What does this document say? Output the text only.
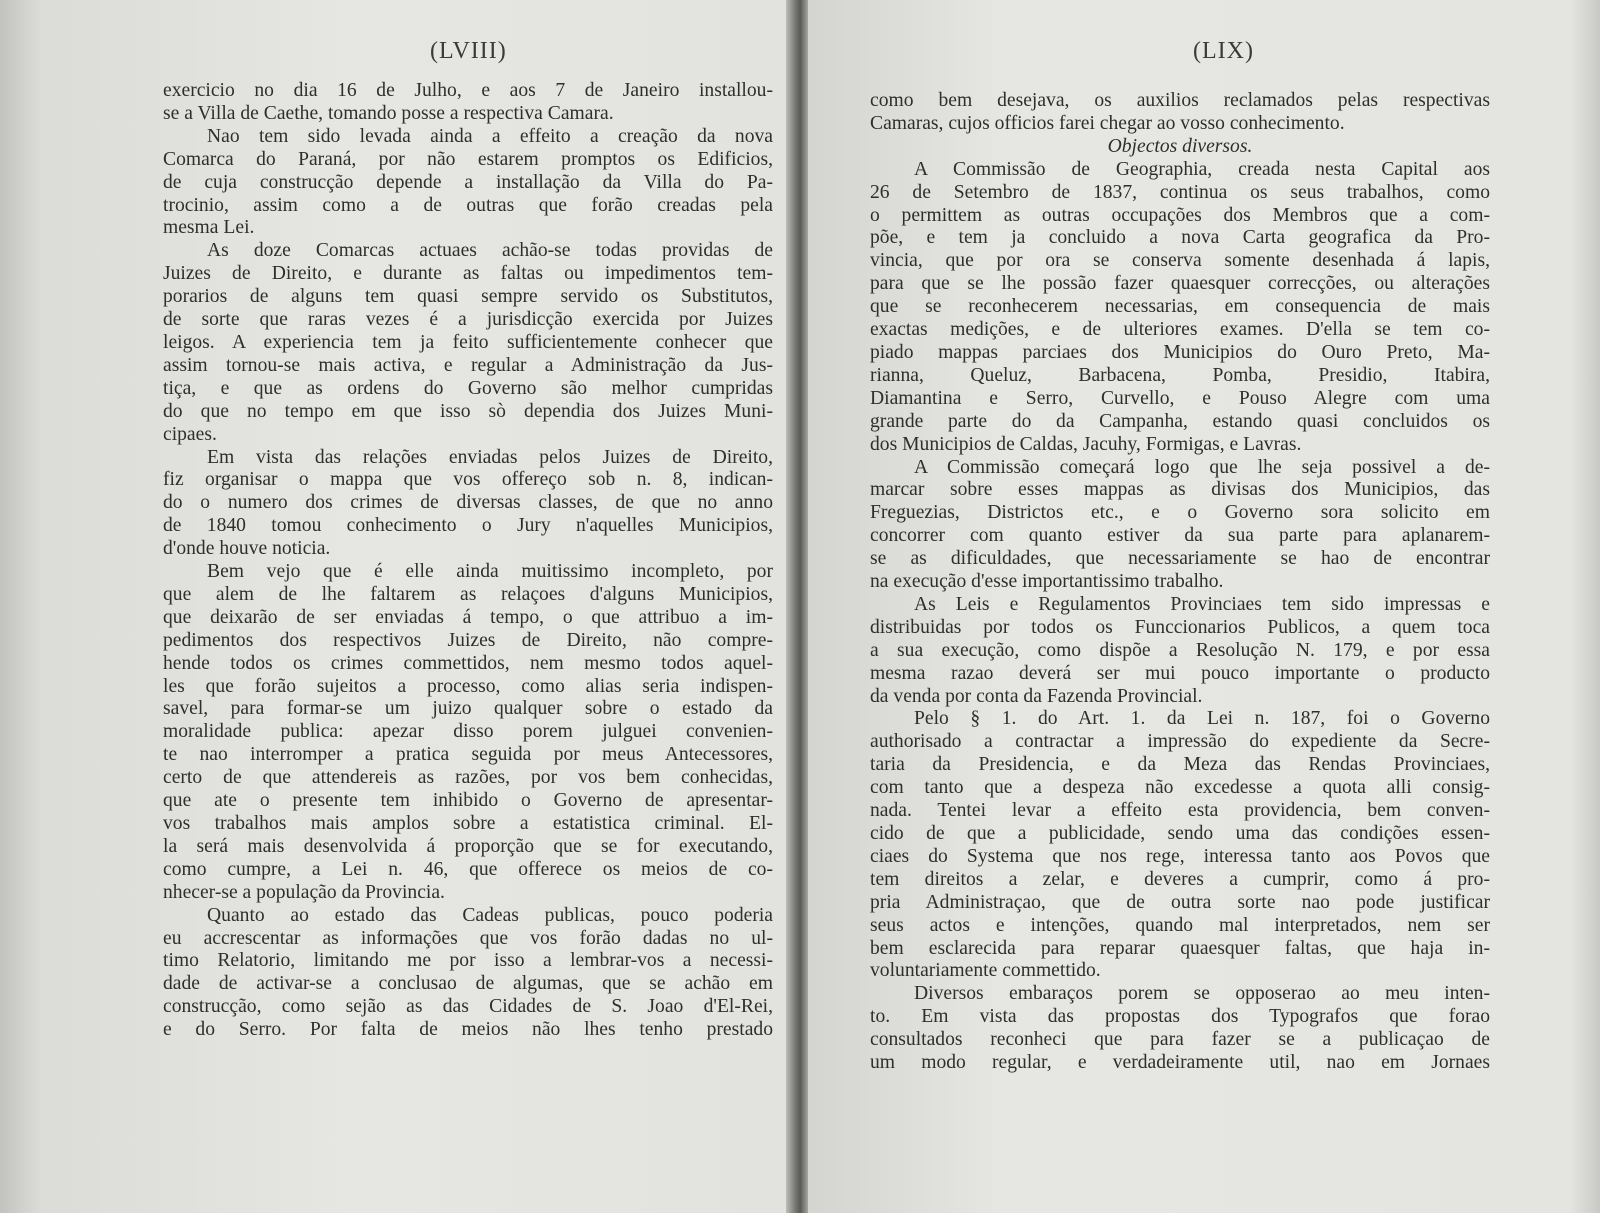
(LVIII)
exercicio no dia 16 de Julho, e aos 7 de Janeiro installou-
se a Villa de Caethe, tomando posse a respectiva Camara.
Nao tem sido levada ainda a effeito a creação da nova
Comarca do Paraná, por não estarem promptos os Edificios,
de cuja construcção depende a installação da Villa do Pa-
trocinio, assim como a de outras que forão creadas pela
mesma Lei.
As doze Comarcas actuaes achão-se todas providas de
Juizes de Direito, e durante as faltas ou impedimentos tem-
porarios de alguns tem quasi sempre servido os Substitutos,
de sorte que raras vezes é a jurisdicção exercida por Juizes
leigos. A experiencia tem ja feito sufficientemente conhecer que
assim tornou-se mais activa, e regular a Administração da Jus-
tiça, e que as ordens do Governo são melhor cumpridas
do que no tempo em que isso sò dependia dos Juizes Muni-
cipaes.
Em vista das relações enviadas pelos Juizes de Direito,
fiz organisar o mappa que vos offereço sob n. 8, indican-
do o numero dos crimes de diversas classes, de que no anno
de 1840 tomou conhecimento o Jury n'aquelles Municipios,
d'onde houve noticia.
Bem vejo que é elle ainda muitissimo incompleto, por
que alem de lhe faltarem as relaçoes d'alguns Municipios,
que deixarão de ser enviadas á tempo, o que attribuo a im-
pedimentos dos respectivos Juizes de Direito, não compre-
hende todos os crimes commettidos, nem mesmo todos aquel-
les que forão sujeitos a processo, como alias seria indispen-
savel, para formar-se um juizo qualquer sobre o estado da
moralidade publica: apezar disso porem julguei convenien-
te nao interromper a pratica seguida por meus Antecessores,
certo de que attendereis as razões, por vos bem conhecidas,
que ate o presente tem inhibido o Governo de apresentar-
vos trabalhos mais amplos sobre a estatistica criminal. El-
la será mais desenvolvida á proporção que se for executando,
como cumpre, a Lei n. 46, que offerece os meios de co-
nhecer-se a população da Provincia.
Quanto ao estado das Cadeas publicas, pouco poderia
eu accrescentar as informações que vos forão dadas no ul-
timo Relatorio, limitando me por isso a lembrar-vos a necessi-
dade de activar-se a conclusao de algumas, que se achão em
construcção, como sejão as das Cidades de S. Joao d'El-Rei,
e do Serro. Por falta de meios não lhes tenho prestado
(LIX)
como bem desejava, os auxilios reclamados pelas respectivas
Camaras, cujos officios farei chegar ao vosso conhecimento.
Objectos diversos.
A Commissão de Geographia, creada nesta Capital aos
26 de Setembro de 1837, continua os seus trabalhos, como
o permittem as outras occupações dos Membros que a com-
põe, e tem ja concluido a nova Carta geografica da Pro-
vincia, que por ora se conserva somente desenhada á lapis,
para que se lhe possão fazer quaesquer correcções, ou alterações
que se reconhecerem necessarias, em consequencia de mais
exactas medições, e de ulteriores exames. D'ella se tem co-
piado mappas parciaes dos Municipios do Ouro Preto, Ma-
rianna, Queluz, Barbacena, Pomba, Presidio, Itabira,
Diamantina e Serro, Curvello, e Pouso Alegre com uma
grande parte do da Campanha, estando quasi concluidos os
dos Municipios de Caldas, Jacuhy, Formigas, e Lavras.
A Commissão começará logo que lhe seja possivel a de-
marcar sobre esses mappas as divisas dos Municipios, das
Freguezias, Districtos etc., e o Governo sora solicito em
concorrer com quanto estiver da sua parte para aplanarem-
se as dificuldades, que necessariamente se hao de encontrar
na execução d'esse importantissimo trabalho.
As Leis e Regulamentos Provinciaes tem sido impressas e
distribuidas por todos os Funccionarios Publicos, a quem toca
a sua execução, como dispõe a Resolução N. 179, e por essa
mesma razao deverá ser mui pouco importante o producto
da venda por conta da Fazenda Provincial.
Pelo § 1. do Art. 1. da Lei n. 187, foi o Governo
authorisado a contractar a impressão do expediente da Secre-
taria da Presidencia, e da Meza das Rendas Provinciaes,
com tanto que a despeza não excedesse a quota alli consig-
nada. Tentei levar a effeito esta providencia, bem conven-
cido de que a publicidade, sendo uma das condições essen-
ciaes do Systema que nos rege, interessa tanto aos Povos que
tem direitos a zelar, e deveres a cumprir, como á pro-
pria Administraçao, que de outra sorte nao pode justificar
seus actos e intenções, quando mal interpretados, nem ser
bem esclarecida para reparar quaesquer faltas, que haja in-
voluntariamente commettido.
Diversos embaraços porem se opposerao ao meu inten-
to. Em vista das propostas dos Typografos que forao
consultados reconheci que para fazer se a publicaçao de
um modo regular, e verdadeiramente util, nao em Jornaes
